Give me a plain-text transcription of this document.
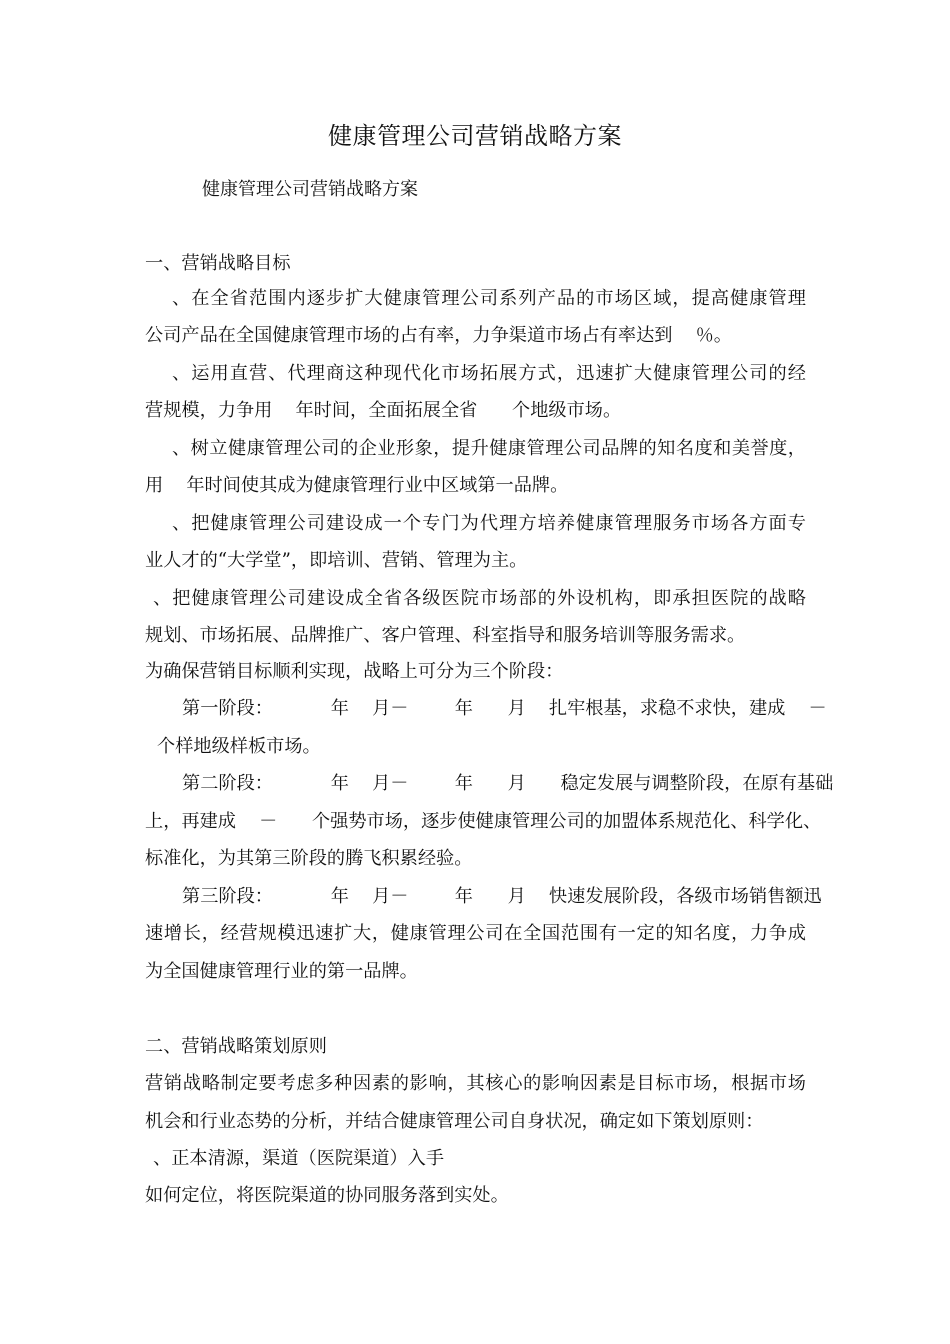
健康管理公司营销战略方案
健康管理公司营销战略方案
一、营销战略目标
、在全省范围内逐步扩大健康管理公司系列产品的市场区域，提高健康管理
公司产品在全国健康管理市场的占有率，力争渠道市场占有率达到    ％。
、运用直营、代理商这种现代化市场拓展方式，迅速扩大健康管理公司的经
营规模，力争用    年时间，全面拓展全省      个地级市场。
、树立健康管理公司的企业形象，提升健康管理公司品牌的知名度和美誉度，
用    年时间使其成为健康管理行业中区域第一品牌。
、把健康管理公司建设成一个专门为代理方培养健康管理服务市场各方面专
业人才的“大学堂”，即培训、营销、管理为主。
、把健康管理公司建设成全省各级医院市场部的外设机构，即承担医院的战略
规划、市场拓展、品牌推广、客户管理、科室指导和服务培训等服务需求。
为确保营销目标顺利实现，战略上可分为三个阶段：
第一阶段：          年    月－        年      月    扎牢根基，求稳不求快，建成    －
个样地级样板市场。
第二阶段：          年    月－        年      月      稳定发展与调整阶段，在原有基础
上，再建成    －      个强势市场，逐步使健康管理公司的加盟体系规范化、科学化、
标准化，为其第三阶段的腾飞积累经验。
第三阶段：          年    月－        年      月    快速发展阶段，各级市场销售额迅
速增长，经营规模迅速扩大，健康管理公司在全国范围有一定的知名度，力争成
为全国健康管理行业的第一品牌。
二、营销战略策划原则
营销战略制定要考虑多种因素的影响，其核心的影响因素是目标市场，根据市场
机会和行业态势的分析，并结合健康管理公司自身状况，确定如下策划原则：
、正本清源，渠道（医院渠道）入手
如何定位，将医院渠道的协同服务落到实处。
